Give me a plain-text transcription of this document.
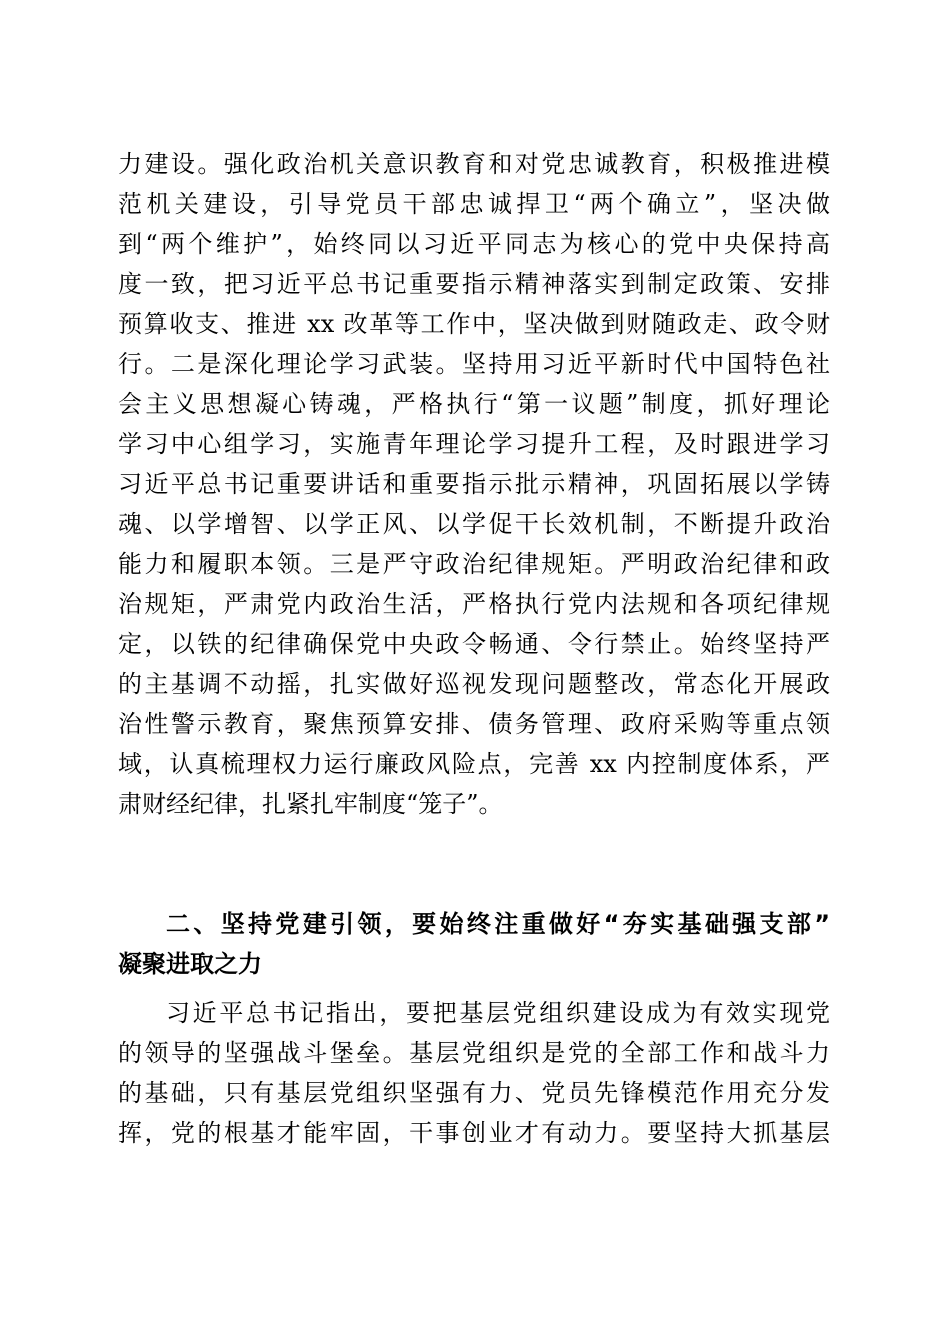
力建设。强化政治机关意识教育和对党忠诚教育，积极推进模
范机关建设，引导党员干部忠诚捍卫“两个确立”，坚决做
到“两个维护”，始终同以习近平同志为核心的党中央保持高
度一致，把习近平总书记重要指示精神落实到制定政策、安排
预算收支、推进 xx 改革等工作中，坚决做到财随政走、政令财
行。二是深化理论学习武装。坚持用习近平新时代中国特色社
会主义思想凝心铸魂，严格执行“第一议题”制度，抓好理论
学习中心组学习，实施青年理论学习提升工程，及时跟进学习
习近平总书记重要讲话和重要指示批示精神，巩固拓展以学铸
魂、以学增智、以学正风、以学促干长效机制，不断提升政治
能力和履职本领。三是严守政治纪律规矩。严明政治纪律和政
治规矩，严肃党内政治生活，严格执行党内法规和各项纪律规
定，以铁的纪律确保党中央政令畅通、令行禁止。始终坚持严
的主基调不动摇，扎实做好巡视发现问题整改，常态化开展政
治性警示教育，聚焦预算安排、债务管理、政府采购等重点领
域，认真梳理权力运行廉政风险点，完善 xx 内控制度体系，严
肃财经纪律，扎紧扎牢制度“笼子”。
二、坚持党建引领，要始终注重做好“夯实基础强支部”
凝聚进取之力
习近平总书记指出，要把基层党组织建设成为有效实现党
的领导的坚强战斗堡垒。基层党组织是党的全部工作和战斗力
的基础，只有基层党组织坚强有力、党员先锋模范作用充分发
挥，党的根基才能牢固，干事创业才有动力。要坚持大抓基层
